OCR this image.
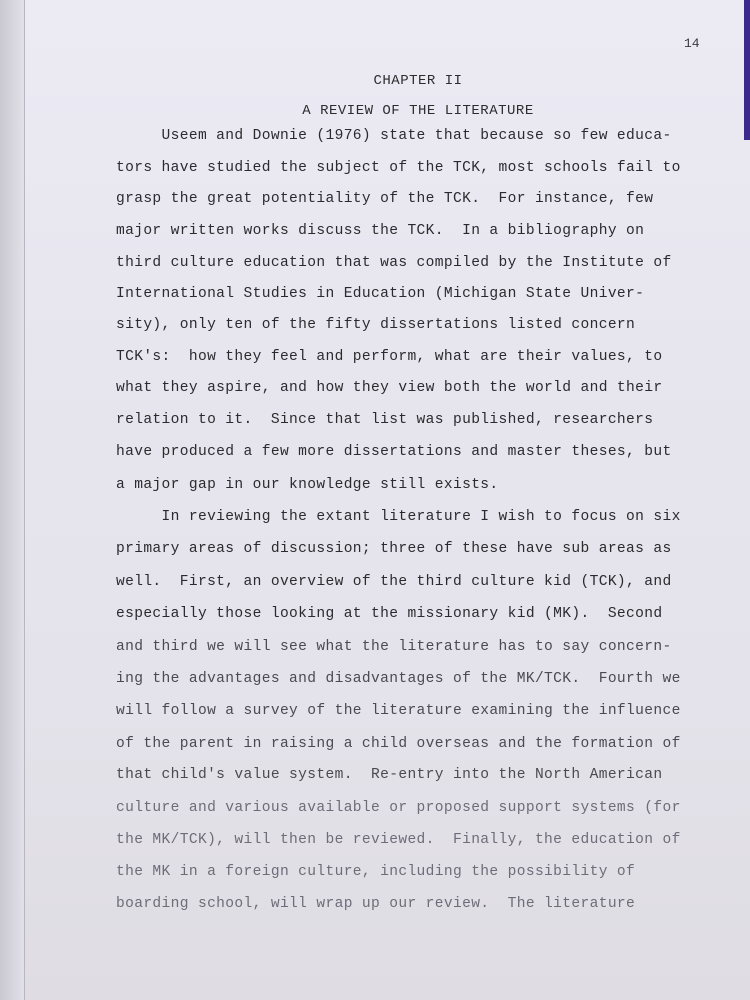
14
CHAPTER II
A REVIEW OF THE LITERATURE
Useem and Downie (1976) state that because so few educa-
tors have studied the subject of the TCK, most schools fail to
grasp the great potentiality of the TCK.  For instance, few
major written works discuss the TCK.  In a bibliography on
third culture education that was compiled by the Institute of
International Studies in Education (Michigan State Univer-
sity), only ten of the fifty dissertations listed concern
TCK's:  how they feel and perform, what are their values, to
what they aspire, and how they view both the world and their
relation to it.  Since that list was published, researchers
have produced a few more dissertations and master theses, but
a major gap in our knowledge still exists.
In reviewing the extant literature I wish to focus on six
primary areas of discussion; three of these have sub areas as
well.  First, an overview of the third culture kid (TCK), and
especially those looking at the missionary kid (MK).  Second
and third we will see what the literature has to say concern-
ing the advantages and disadvantages of the MK/TCK.  Fourth we
will follow a survey of the literature examining the influence
of the parent in raising a child overseas and the formation of
that child's value system.  Re-entry into the North American
culture and various available or proposed support systems (for
the MK/TCK), will then be reviewed.  Finally, the education of
the MK in a foreign culture, including the possibility of
boarding school, will wrap up our review.  The literature
